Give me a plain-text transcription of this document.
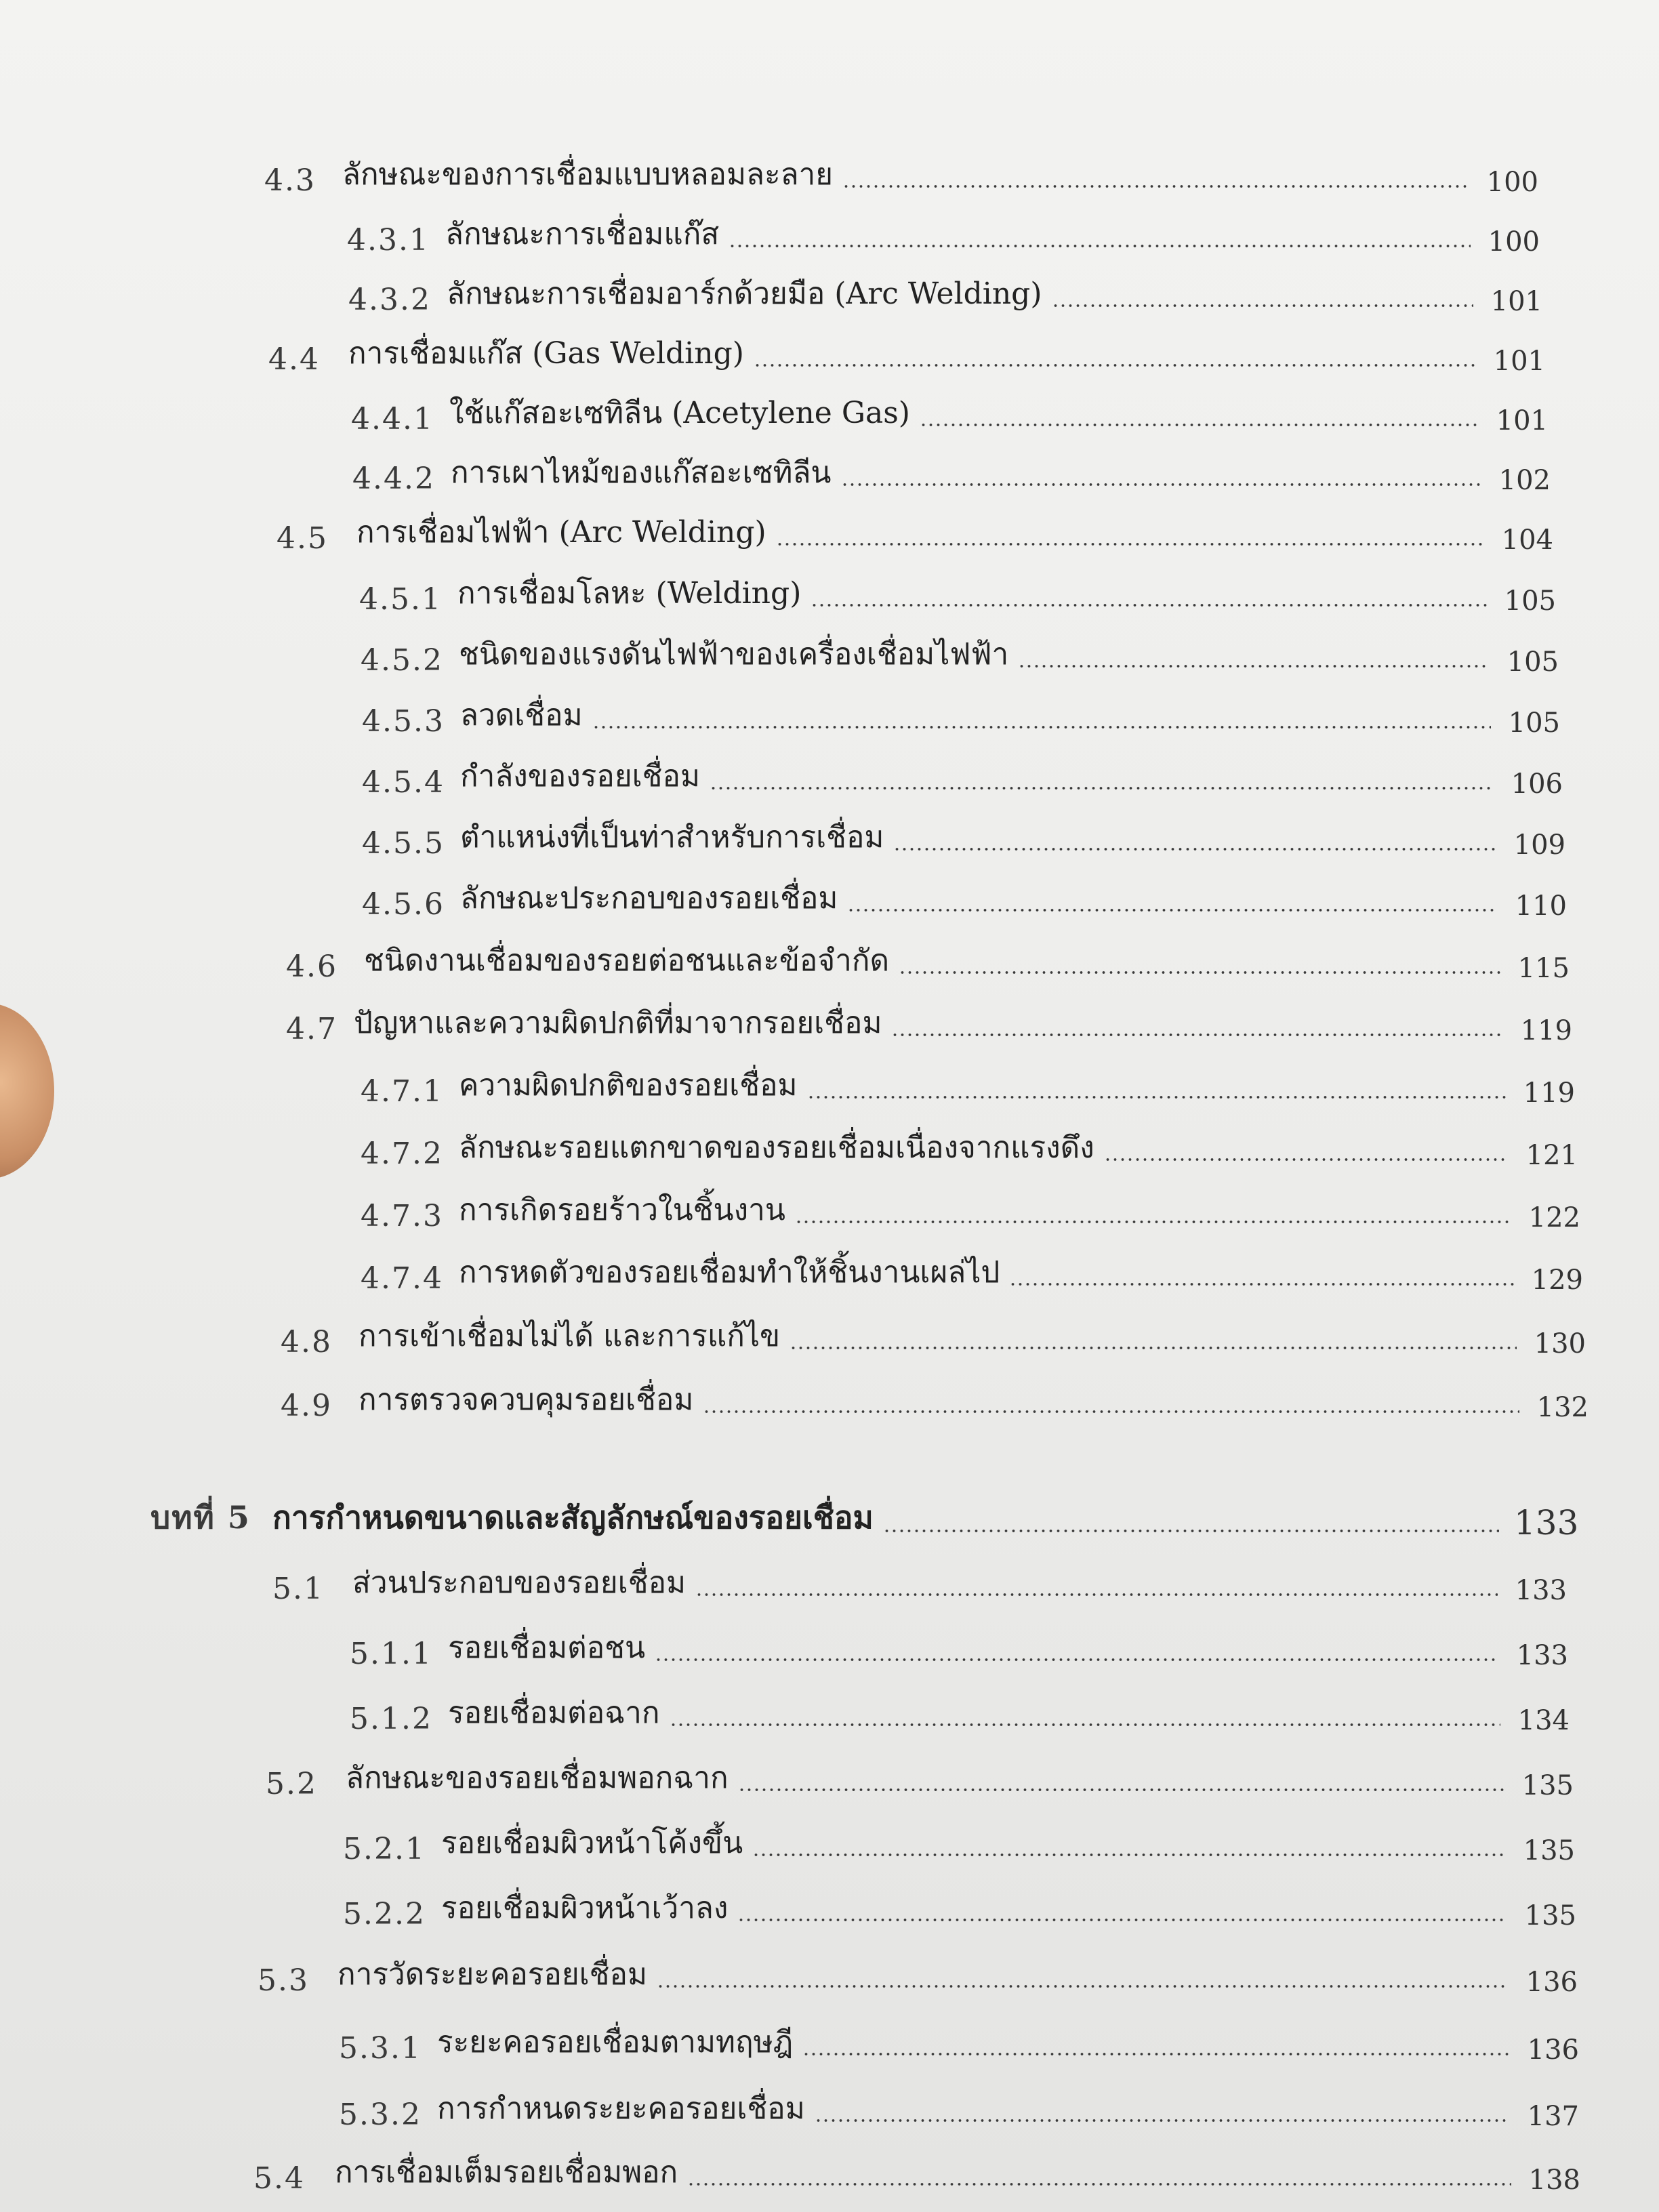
4.3 ลักษณะของการเชื่อมแบบหลอมละลาย	100
4.3.1 ลักษณะการเชื่อมแก๊ส	100
4.3.2 ลักษณะการเชื่อมอาร์กด้วยมือ (Arc Welding)	101
4.4 การเชื่อมแก๊ส (Gas Welding)	101
4.4.1 ใช้แก๊สอะเซทิลีน (Acetylene Gas)	101
4.4.2 การเผาไหม้ของแก๊สอะเซทิลีน	102
4.5 การเชื่อมไฟฟ้า (Arc Welding)	104
4.5.1 การเชื่อมโลหะ (Welding)	105
4.5.2 ชนิดของแรงดันไฟฟ้าของเครื่องเชื่อมไฟฟ้า	105
4.5.3 ลวดเชื่อม	105
4.5.4 กำลังของรอยเชื่อม	106
4.5.5 ตำแหน่งที่เป็นท่าสำหรับการเชื่อม	109
4.5.6 ลักษณะประกอบของรอยเชื่อม	110
4.6 ชนิดงานเชื่อมของรอยต่อชนและข้อจำกัด	115
4.7 ปัญหาและความผิดปกติที่มาจากรอยเชื่อม	119
4.7.1 ความผิดปกติของรอยเชื่อม	119
4.7.2 ลักษณะรอยแตกขาดของรอยเชื่อมเนื่องจากแรงดึง	121
4.7.3 การเกิดรอยร้าวในชิ้นงาน	122
4.7.4 การหดตัวของรอยเชื่อมทำให้ชิ้นงานเผล่ไป	129
4.8 การเข้าเชื่อมไม่ได้ และการแก้ไข	130
4.9 การตรวจควบคุมรอยเชื่อม	132
บทที่ 5 การกำหนดขนาดและสัญลักษณ์ของรอยเชื่อม	133
5.1 ส่วนประกอบของรอยเชื่อม	133
5.1.1 รอยเชื่อมต่อชน	133
5.1.2 รอยเชื่อมต่อฉาก	134
5.2 ลักษณะของรอยเชื่อมพอกฉาก	135
5.2.1 รอยเชื่อมผิวหน้าโค้งขึ้น	135
5.2.2 รอยเชื่อมผิวหน้าเว้าลง	135
5.3 การวัดระยะคอรอยเชื่อม	136
5.3.1 ระยะคอรอยเชื่อมตามทฤษฎี	136
5.3.2 การกำหนดระยะคอรอยเชื่อม	137
5.4	การเชื่อมเต็มรอยเชื่อมพอก	138
